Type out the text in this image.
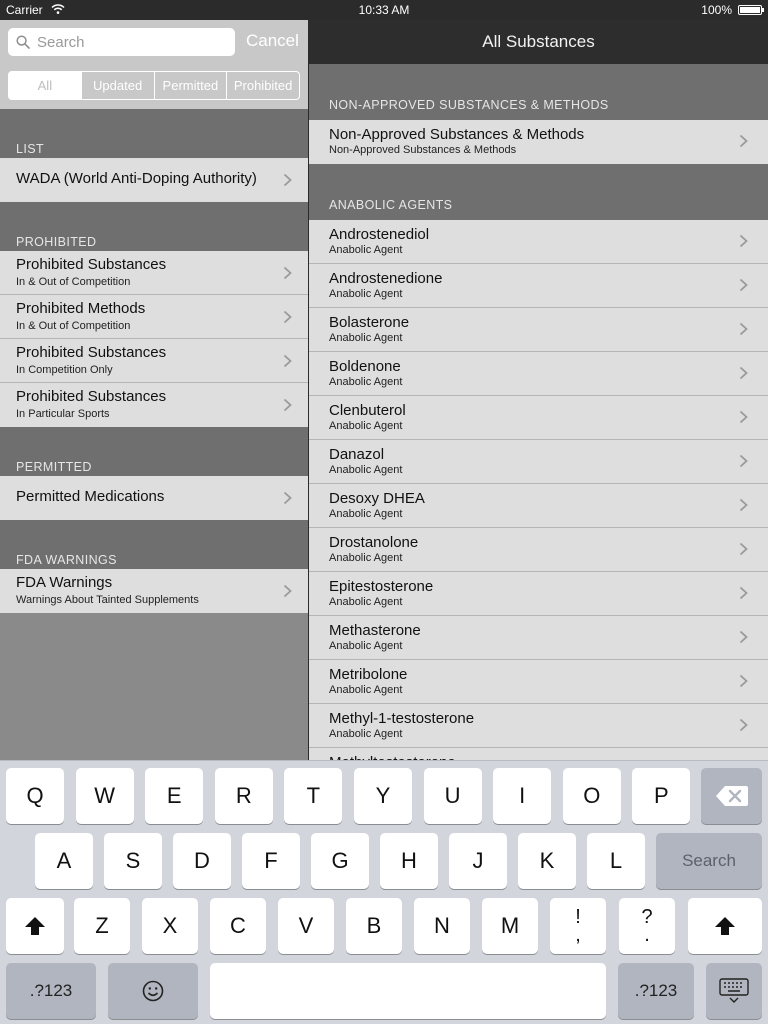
Carrier	10:33 AM	100%
Search
Cancel
All	Updated	Permitted	Prohibited
LIST
WADA (World Anti-Doping Authority)
PROHIBITED
Prohibited Substances
In & Out of Competition
Prohibited Methods
In & Out of Competition
Prohibited Substances
In Competition Only
Prohibited Substances
In Particular Sports
PERMITTED
Permitted Medications
FDA WARNINGS
FDA Warnings
Warnings About Tainted Supplements
All Substances
NON-APPROVED SUBSTANCES & METHODS
Non-Approved Substances & Methods
Non-Approved Substances & Methods
ANABOLIC AGENTS
Androstenediol
Anabolic Agent
Androstenedione
Anabolic Agent
Bolasterone
Anabolic Agent
Boldenone
Anabolic Agent
Clenbuterol
Anabolic Agent
Danazol
Anabolic Agent
Desoxy DHEA
Anabolic Agent
Drostanolone
Anabolic Agent
Epitestosterone
Anabolic Agent
Methasterone
Anabolic Agent
Metribolone
Anabolic Agent
Methyl-1-testosterone
Anabolic Agent
Q	W	E	R	T	Y	U	I	O	P
A	S	D	F	G	H	J	K	L	Search
Z	X	C	V	B	N	M	!
,
?
.
.?123	.?123
